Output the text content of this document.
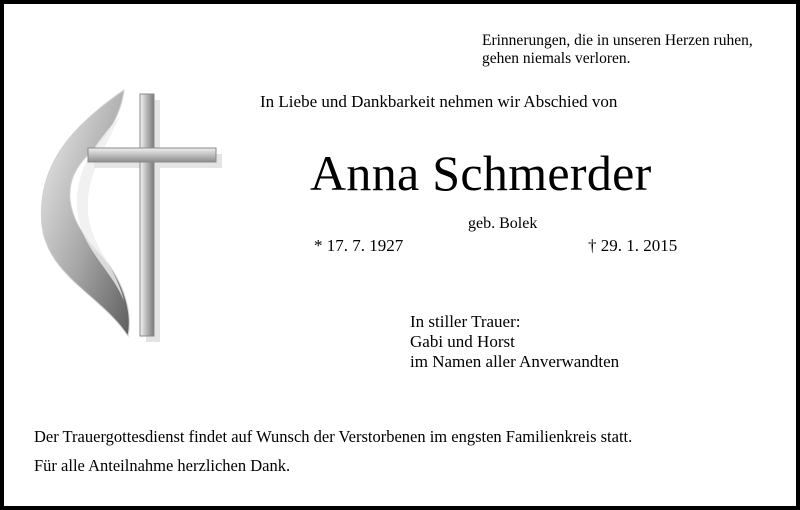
Erinnerungen, die in unseren Herzen ruhen,
gehen niemals verloren.
In Liebe und Dankbarkeit nehmen wir Abschied von
Anna Schmerder
geb. Bolek
* 17. 7. 1927	† 29. 1. 2015
In stiller Trauer:
Gabi und Horst
im Namen aller Anverwandten
Der Trauergottesdienst findet auf Wunsch der Verstorbenen im engsten Familienkreis statt.
Für alle Anteilnahme herzlichen Dank.
